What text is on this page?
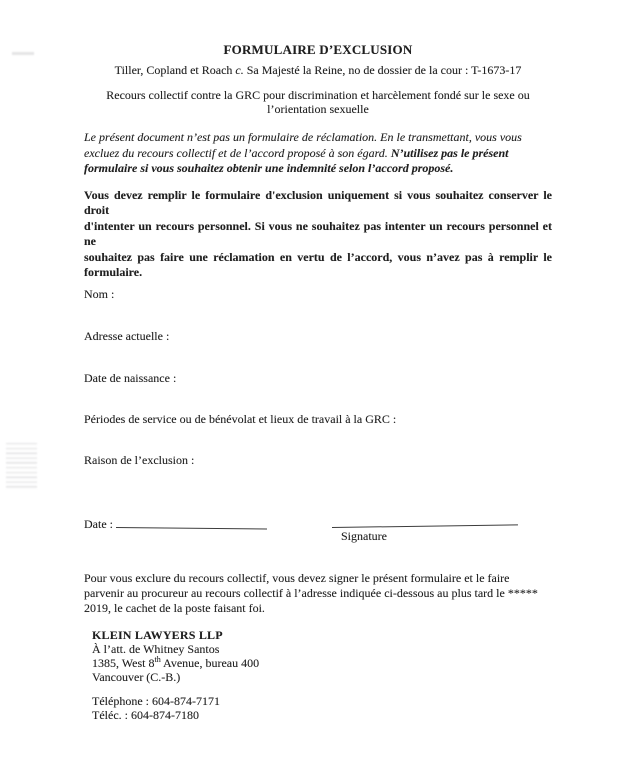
FORMULAIRE D’EXCLUSION
Tiller, Copland et Roach c. Sa Majesté la Reine, no de dossier de la cour : T-1673-17
Recours collectif contre la GRC pour discrimination et harcèlement fondé sur le sexe ou
l’orientation sexuelle
Le présent document n’est pas un formulaire de réclamation. En le transmettant, vous vous
excluez du recours collectif et de l’accord proposé à son égard. N’utilisez pas le présent
formulaire si vous souhaitez obtenir une indemnité selon l’accord proposé.
Vous devez remplir le formulaire d'exclusion uniquement si vous souhaitez conserver le droit
d'intenter un recours personnel. Si vous ne souhaitez pas intenter un recours personnel et ne
souhaitez pas faire une réclamation en vertu de l’accord, vous n’avez pas à remplir le
formulaire.
Nom :
Adresse actuelle :
Date de naissance :
Périodes de service ou de bénévolat et lieux de travail à la GRC :
Raison de l’exclusion :
Date :
Signature
Pour vous exclure du recours collectif, vous devez signer le présent formulaire et le faire
parvenir au procureur au recours collectif à l’adresse indiquée ci-dessous au plus tard le *****
2019, le cachet de la poste faisant foi.
KLEIN LAWYERS LLP
À l’att. de Whitney Santos
1385, West 8th Avenue, bureau 400
Vancouver (C.-B.)
Téléphone : 604-874-7171
Téléc. : 604-874-7180
